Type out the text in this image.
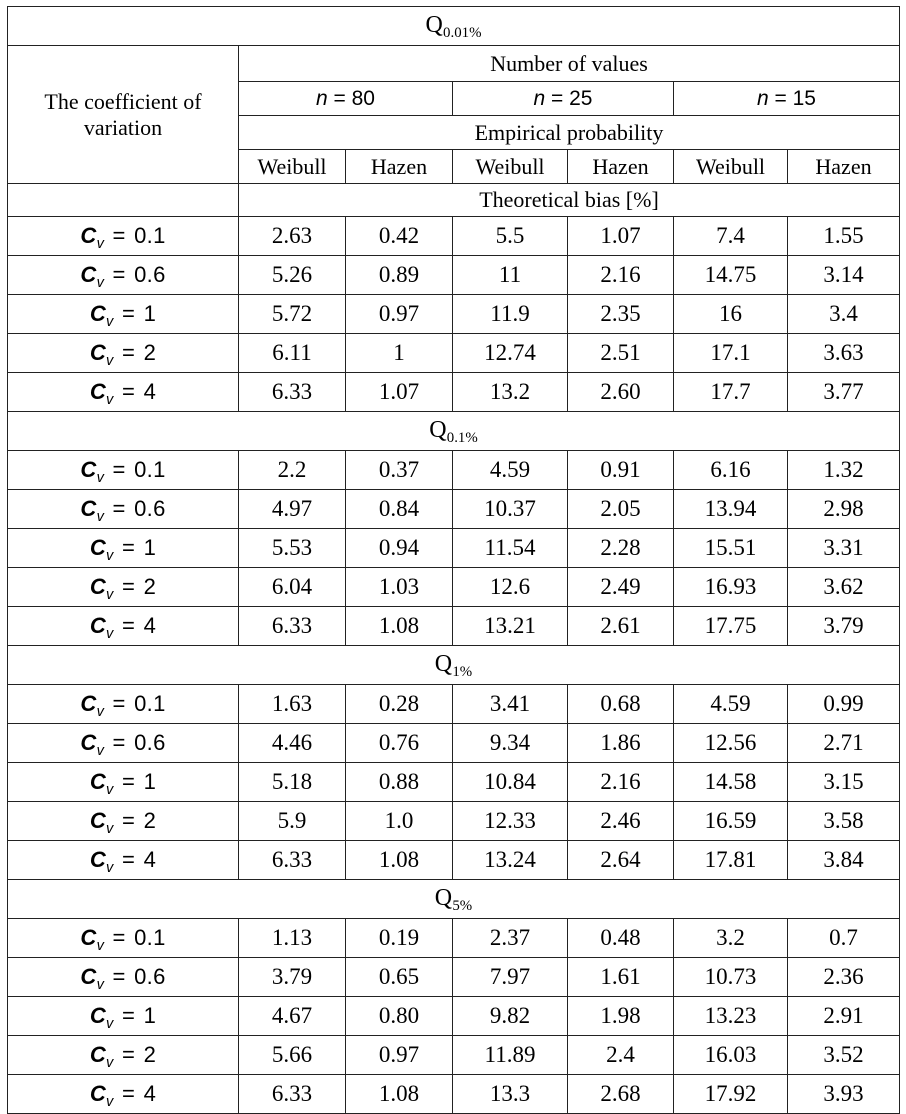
Q0.01%						
The coefficient of variation	Number of values					
	n = 80		n = 25		n = 15	
	Empirical probability					
	Weibull	Hazen	Weibull	Hazen	Weibull	Hazen
	Theoretical bias [%]					
Cv = 0.1	2.63	0.42	5.5	1.07	7.4	1.55
Cv = 0.6	5.26	0.89	11	2.16	14.75	3.14
Cv = 1	5.72	0.97	11.9	2.35	16	3.4
Cv = 2	6.11	1	12.74	2.51	17.1	3.63
Cv = 4	6.33	1.07	13.2	2.60	17.7	3.77
Q0.1%						
Cv = 0.1	2.2	0.37	4.59	0.91	6.16	1.32
Cv = 0.6	4.97	0.84	10.37	2.05	13.94	2.98
Cv = 1	5.53	0.94	11.54	2.28	15.51	3.31
Cv = 2	6.04	1.03	12.6	2.49	16.93	3.62
Cv = 4	6.33	1.08	13.21	2.61	17.75	3.79
Q1%						
Cv = 0.1	1.63	0.28	3.41	0.68	4.59	0.99
Cv = 0.6	4.46	0.76	9.34	1.86	12.56	2.71
Cv = 1	5.18	0.88	10.84	2.16	14.58	3.15
Cv = 2	5.9	1.0	12.33	2.46	16.59	3.58
Cv = 4	6.33	1.08	13.24	2.64	17.81	3.84
Q5%						
Cv = 0.1	1.13	0.19	2.37	0.48	3.2	0.7
Cv = 0.6	3.79	0.65	7.97	1.61	10.73	2.36
Cv = 1	4.67	0.80	9.82	1.98	13.23	2.91
Cv = 2	5.66	0.97	11.89	2.4	16.03	3.52
Cv = 4	6.33	1.08	13.3	2.68	17.92	3.93
